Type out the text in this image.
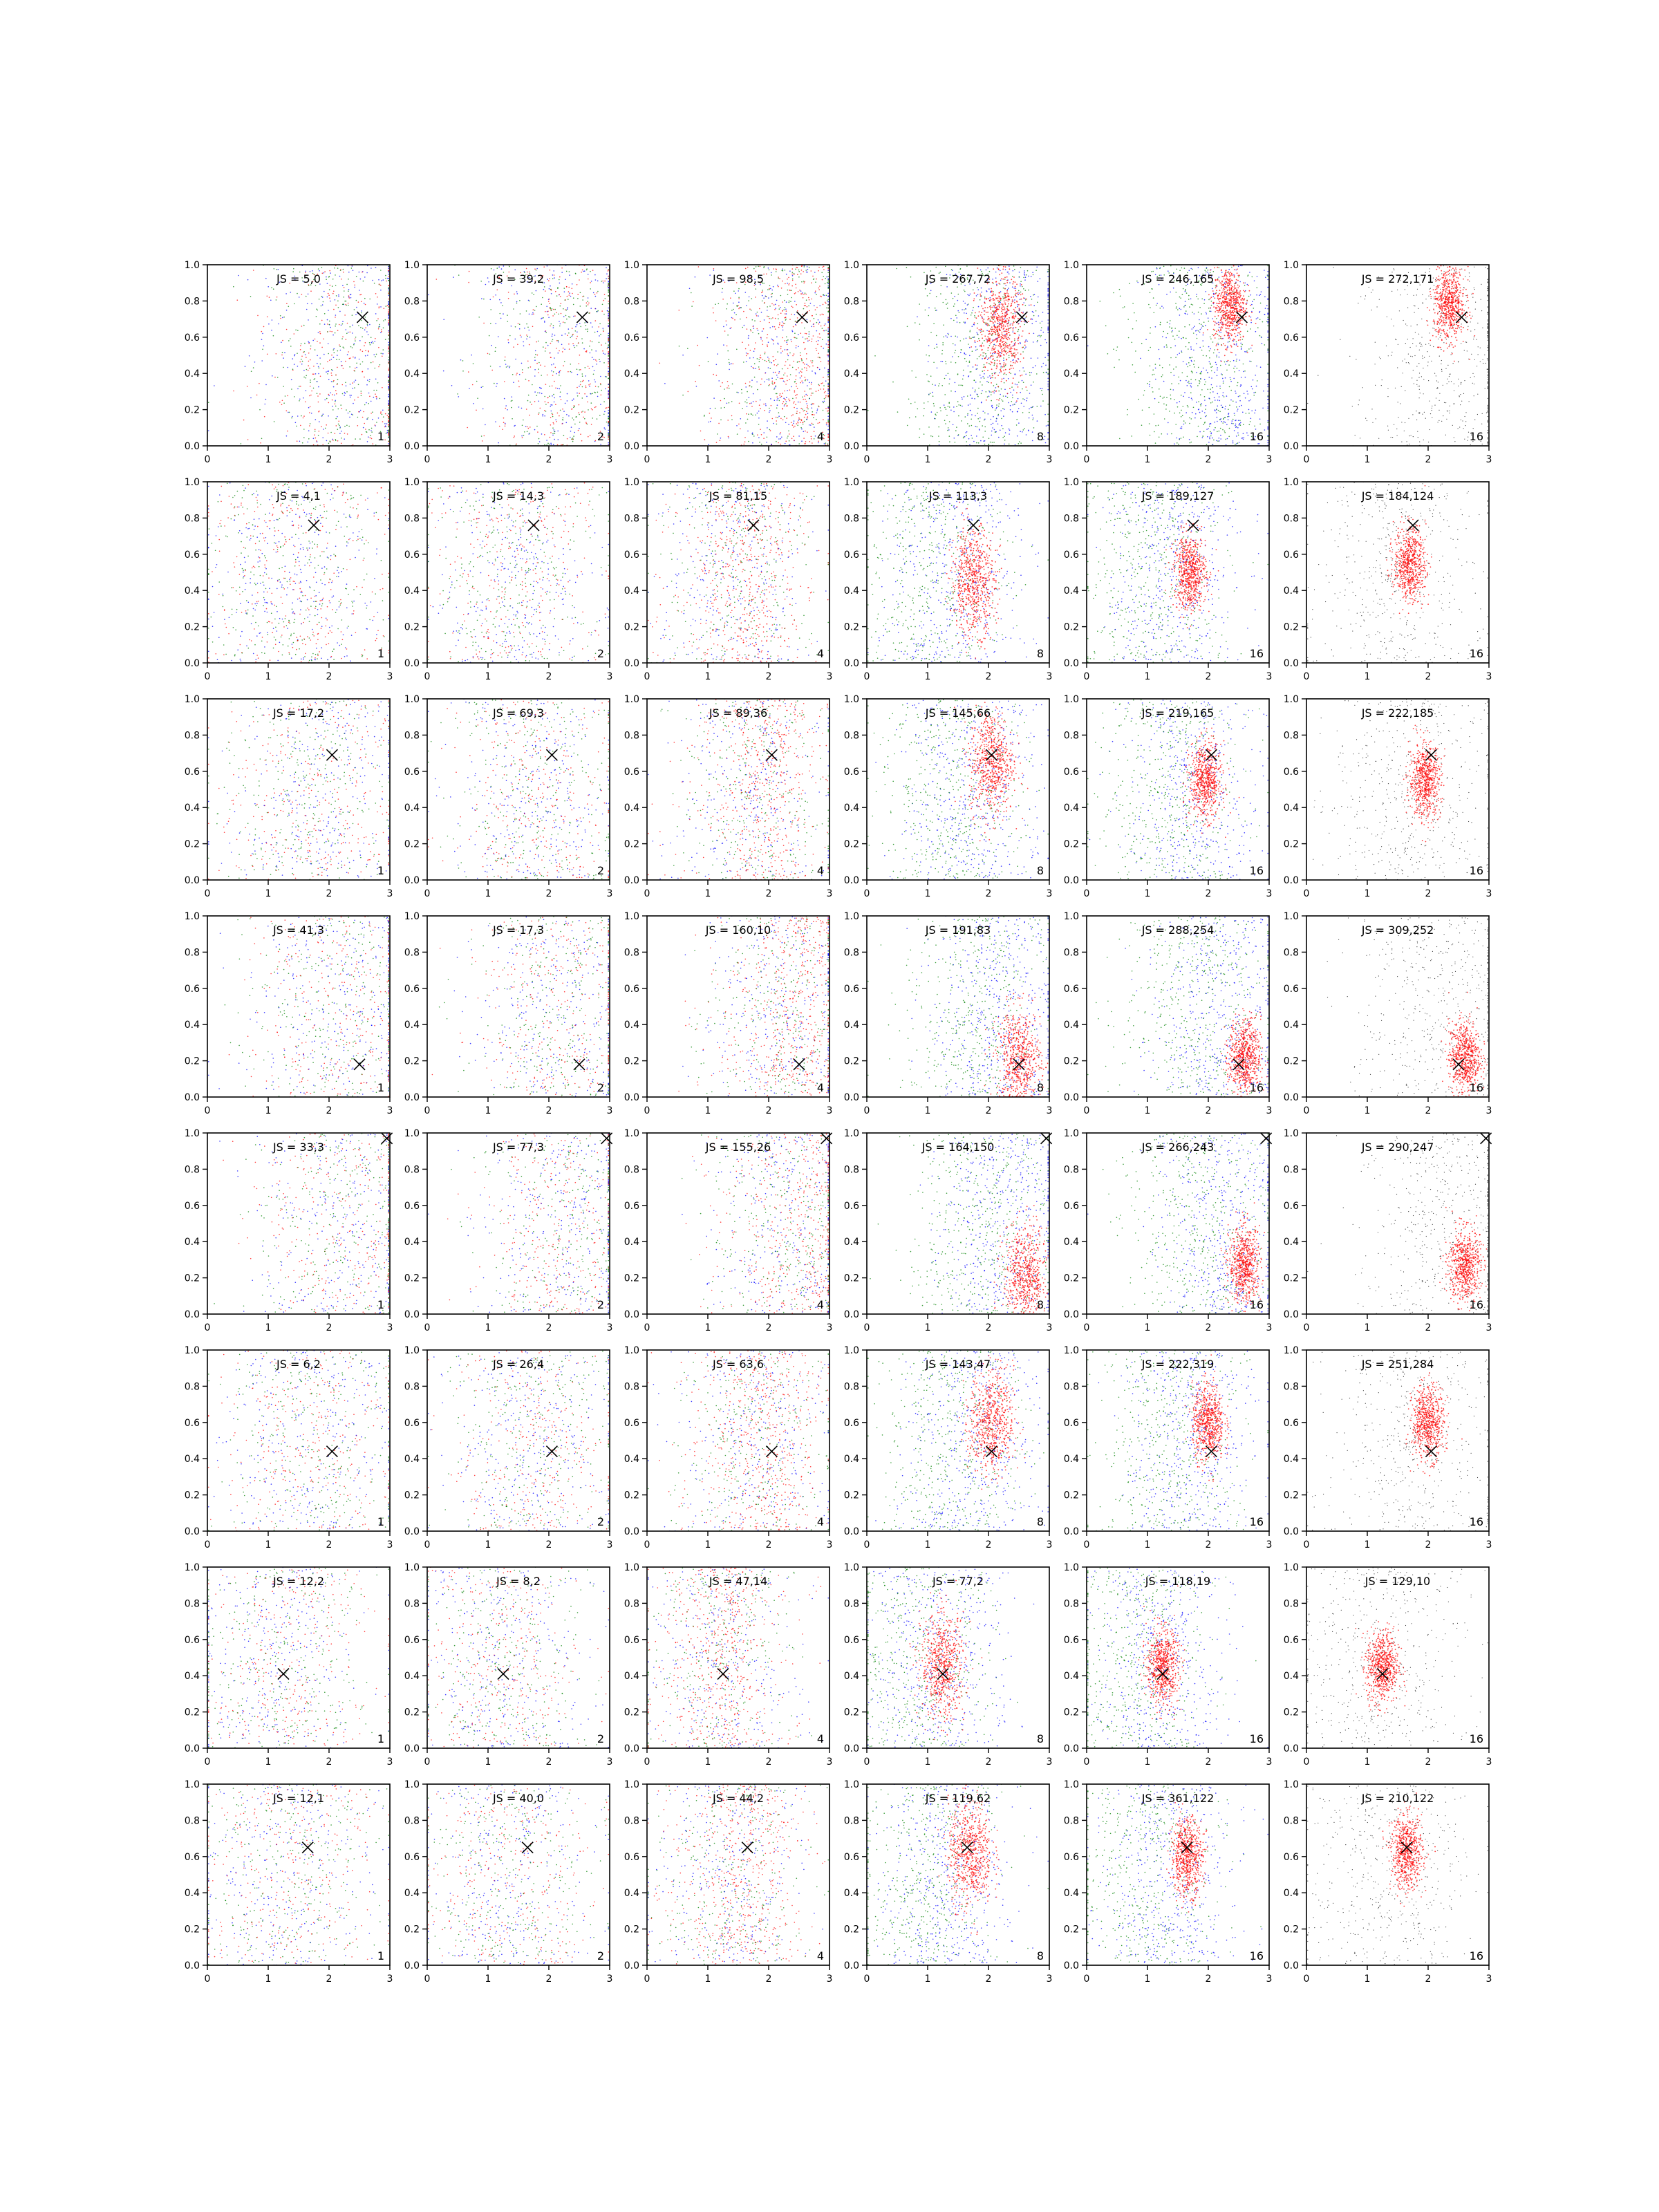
0	1	2	3
0.0
0.2
0.4
0.6
0.8
1.0
JS = 5,0
1
0	1	2	3
0.0
0.2
0.4
0.6
0.8
1.0
JS = 39,2
2
0	1	2	3
0.0
0.2
0.4
0.6
0.8
1.0
JS = 98,5
4
0	1	2	3
0.0
0.2
0.4
0.6
0.8
1.0
JS = 267,72
8
0	1	2	3
0.0
0.2
0.4
0.6
0.8
1.0
JS = 246,165
16
0	1	2	3
0.0
0.2
0.4
0.6
0.8
1.0
JS = 272,171
16
0	1	2	3
0.0
0.2
0.4
0.6
0.8
1.0
JS = 4,1
1
0	1	2	3
0.0
0.2
0.4
0.6
0.8
1.0
JS = 14,3
2
0	1	2	3
0.0
0.2
0.4
0.6
0.8
1.0
JS = 81,15
4
0	1	2	3
0.0
0.2
0.4
0.6
0.8
1.0
JS = 113,3
8
0	1	2	3
0.0
0.2
0.4
0.6
0.8
1.0
JS = 189,127
16
0	1	2	3
0.0
0.2
0.4
0.6
0.8
1.0
JS = 184,124
16
0	1	2	3
0.0
0.2
0.4
0.6
0.8
1.0
JS = 17,2
1
0	1	2	3
0.0
0.2
0.4
0.6
0.8
1.0
JS = 69,3
2
0	1	2	3
0.0
0.2
0.4
0.6
0.8
1.0
JS = 89,36
4
0	1	2	3
0.0
0.2
0.4
0.6
0.8
1.0
JS = 145,66
8
0	1	2	3
0.0
0.2
0.4
0.6
0.8
1.0
JS = 219,165
16
0	1	2	3
0.0
0.2
0.4
0.6
0.8
1.0
JS = 222,185
16
0	1	2	3
0.0
0.2
0.4
0.6
0.8
1.0
JS = 41,3
1
0	1	2	3
0.0
0.2
0.4
0.6
0.8
1.0
JS = 17,3
2
0	1	2	3
0.0
0.2
0.4
0.6
0.8
1.0
JS = 160,10
4
0	1	2	3
0.0
0.2
0.4
0.6
0.8
1.0
JS = 191,83
8
0	1	2	3
0.0
0.2
0.4
0.6
0.8
1.0
JS = 288,254
16
0	1	2	3
0.0
0.2
0.4
0.6
0.8
1.0
JS = 309,252
16
0	1	2	3
0.0
0.2
0.4
0.6
0.8
1.0
JS = 33,3
1
0	1	2	3
0.0
0.2
0.4
0.6
0.8
1.0
JS = 77,3
2
0	1	2	3
0.0
0.2
0.4
0.6
0.8
1.0
JS = 155,26
4
0	1	2	3
0.0
0.2
0.4
0.6
0.8
1.0
JS = 164,150
8
0	1	2	3
0.0
0.2
0.4
0.6
0.8
1.0
JS = 266,243
16
0	1	2	3
0.0
0.2
0.4
0.6
0.8
1.0
JS = 290,247
16
0	1	2	3
0.0
0.2
0.4
0.6
0.8
1.0
JS = 6,2
1
0	1	2	3
0.0
0.2
0.4
0.6
0.8
1.0
JS = 26,4
2
0	1	2	3
0.0
0.2
0.4
0.6
0.8
1.0
JS = 63,6
4
0	1	2	3
0.0
0.2
0.4
0.6
0.8
1.0
JS = 143,47
8
0	1	2	3
0.0
0.2
0.4
0.6
0.8
1.0
JS = 222,319
16
0	1	2	3
0.0
0.2
0.4
0.6
0.8
1.0
JS = 251,284
16
0	1	2	3
0.0
0.2
0.4
0.6
0.8
1.0
JS = 12,2
1
0	1	2	3
0.0
0.2
0.4
0.6
0.8
1.0
JS = 8,2
2
0	1	2	3
0.0
0.2
0.4
0.6
0.8
1.0
JS = 47,14
4
0	1	2	3
0.0
0.2
0.4
0.6
0.8
1.0
JS = 77,2
8
0	1	2	3
0.0
0.2
0.4
0.6
0.8
1.0
JS = 118,19
16
0	1	2	3
0.0
0.2
0.4
0.6
0.8
1.0
JS = 129,10
16
0	1	2	3
0.0
0.2
0.4
0.6
0.8
1.0
JS = 12,1
1
0	1	2	3
0.0
0.2
0.4
0.6
0.8
1.0
JS = 40,0
2
0	1	2	3
0.0
0.2
0.4
0.6
0.8
1.0
JS = 44,2
4
0	1	2	3
0.0
0.2
0.4
0.6
0.8
1.0
JS = 119,62
8
0	1	2	3
0.0
0.2
0.4
0.6
0.8
1.0
JS = 361,122
16
0	1	2	3
0.0
0.2
0.4
0.6
0.8
1.0
JS = 210,122
16
